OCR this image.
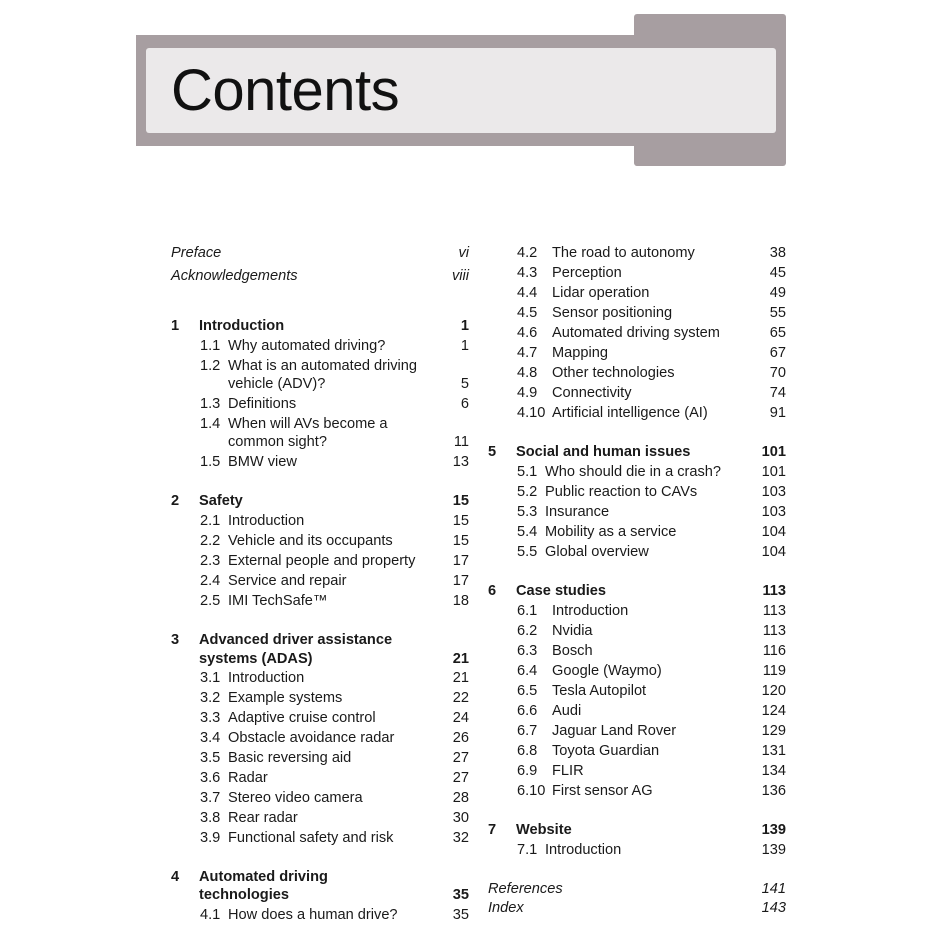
Contents
Preface	vi
Acknowledgements	viii
1 Introduction	1
1.1 Why automated driving?	1
1.2 What is an automated driving
vehicle (ADV)?	5
1.3 Definitions	6
1.4 When will AVs become a
common sight?	11
1.5 BMW view	13
2 Safety	15
2.1 Introduction	15
2.2 Vehicle and its occupants	15
2.3 External people and property	17
2.4 Service and repair	17
2.5 IMI TechSafe™	18
3 Advanced driver assistance
systems (ADAS)	21
3.1 Introduction	21
3.2 Example systems	22
3.3 Adaptive cruise control	24
3.4 Obstacle avoidance radar	26
3.5 Basic reversing aid	27
3.6 Radar	27
3.7 Stereo video camera	28
3.8 Rear radar	30
3.9 Functional safety and risk	32
4 Automated driving
technologies	35
4.1 How does a human drive?	35
4.2 The road to autonomy	38
4.3 Perception	45
4.4 Lidar operation	49
4.5 Sensor positioning	55
4.6 Automated driving system	65
4.7 Mapping	67
4.8 Other technologies	70
4.9 Connectivity	74
4.10 Artificial intelligence (AI)	91
5 Social and human issues	101
5.1 Who should die in a crash?	101
5.2 Public reaction to CAVs	103
5.3 Insurance	103
5.4 Mobility as a service	104
5.5 Global overview	104
6 Case studies	113
6.1 Introduction	113
6.2 Nvidia	113
6.3 Bosch	116
6.4 Google (Waymo)	119
6.5 Tesla Autopilot	120
6.6 Audi	124
6.7 Jaguar Land Rover	129
6.8 Toyota Guardian	131
6.9 FLIR	134
6.10 First sensor AG	136
7 Website	139
7.1 Introduction	139
References	141
Index	143
